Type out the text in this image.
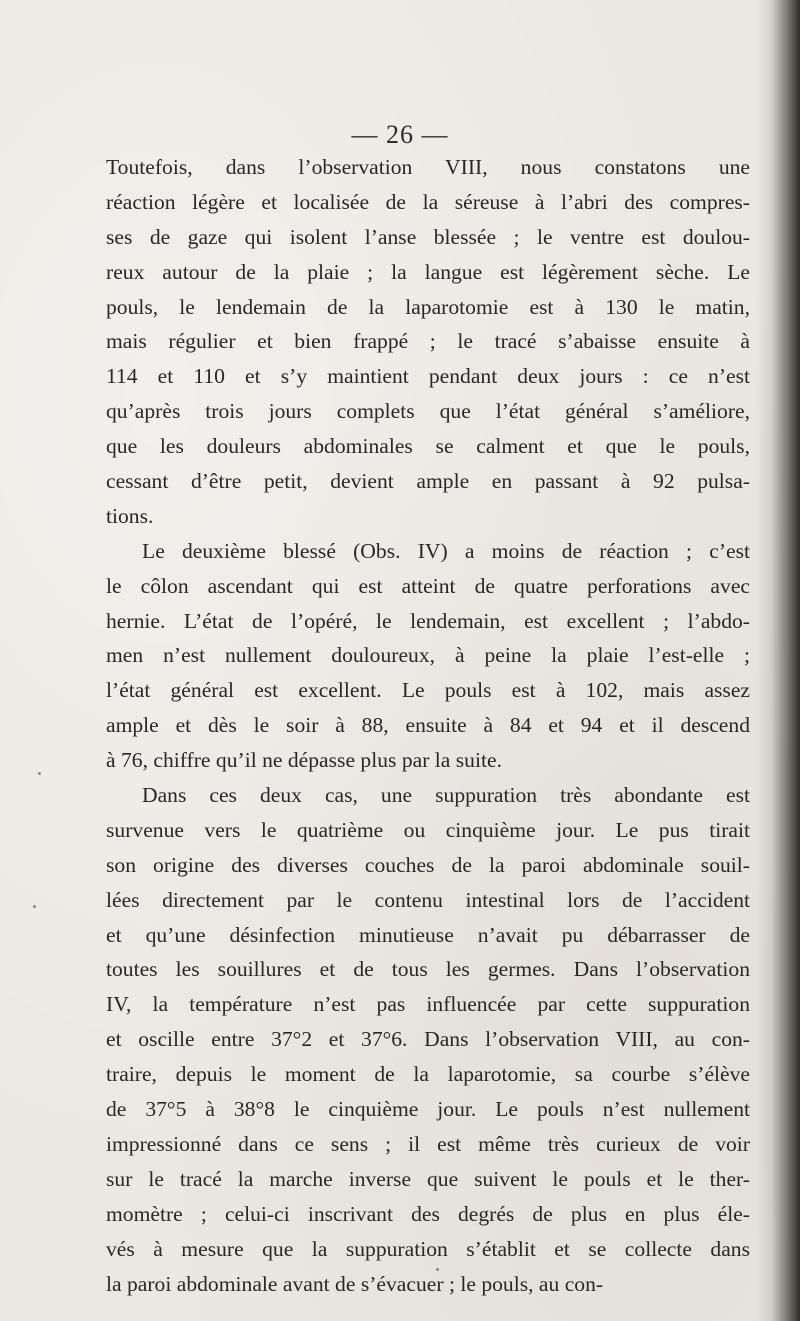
— 26 —
Toutefois, dans l’observation VIII, nous constatons une
réaction légère et localisée de la séreuse à l’abri des compres-
ses de gaze qui isolent l’anse blessée ; le ventre est doulou-
reux autour de la plaie ; la langue est légèrement sèche. Le
pouls, le lendemain de la laparotomie est à 130 le matin,
mais régulier et bien frappé ; le tracé s’abaisse ensuite à
114 et 110 et s’y maintient pendant deux jours : ce n’est
qu’après trois jours complets que l’état général s’améliore,
que les douleurs abdominales se calment et que le pouls,
cessant d’être petit, devient ample en passant à 92 pulsa-
tions.
Le deuxième blessé (Obs. IV) a moins de réaction ; c’est
le côlon ascendant qui est atteint de quatre perforations avec
hernie. L’état de l’opéré, le lendemain, est excellent ; l’abdo-
men n’est nullement douloureux, à peine la plaie l’est-elle ;
l’état général est excellent. Le pouls est à 102, mais assez
ample et dès le soir à 88, ensuite à 84 et 94 et il descend
à 76, chiffre qu’il ne dépasse plus par la suite.
Dans ces deux cas, une suppuration très abondante est
survenue vers le quatrième ou cinquième jour. Le pus tirait
son origine des diverses couches de la paroi abdominale souil-
lées directement par le contenu intestinal lors de l’accident
et qu’une désinfection minutieuse n’avait pu débarrasser de
toutes les souillures et de tous les germes. Dans l’observation
IV, la température n’est pas influencée par cette suppuration
et oscille entre 37°2 et 37°6. Dans l’observation VIII, au con-
traire, depuis le moment de la laparotomie, sa courbe s’élève
de 37°5 à 38°8 le cinquième jour. Le pouls n’est nullement
impressionné dans ce sens ; il est même très curieux de voir
sur le tracé la marche inverse que suivent le pouls et le ther-
momètre ; celui-ci inscrivant des degrés de plus en plus éle-
vés à mesure que la suppuration s’établit et se collecte dans
la paroi abdominale avant de s’évacuer ; le pouls, au con-
